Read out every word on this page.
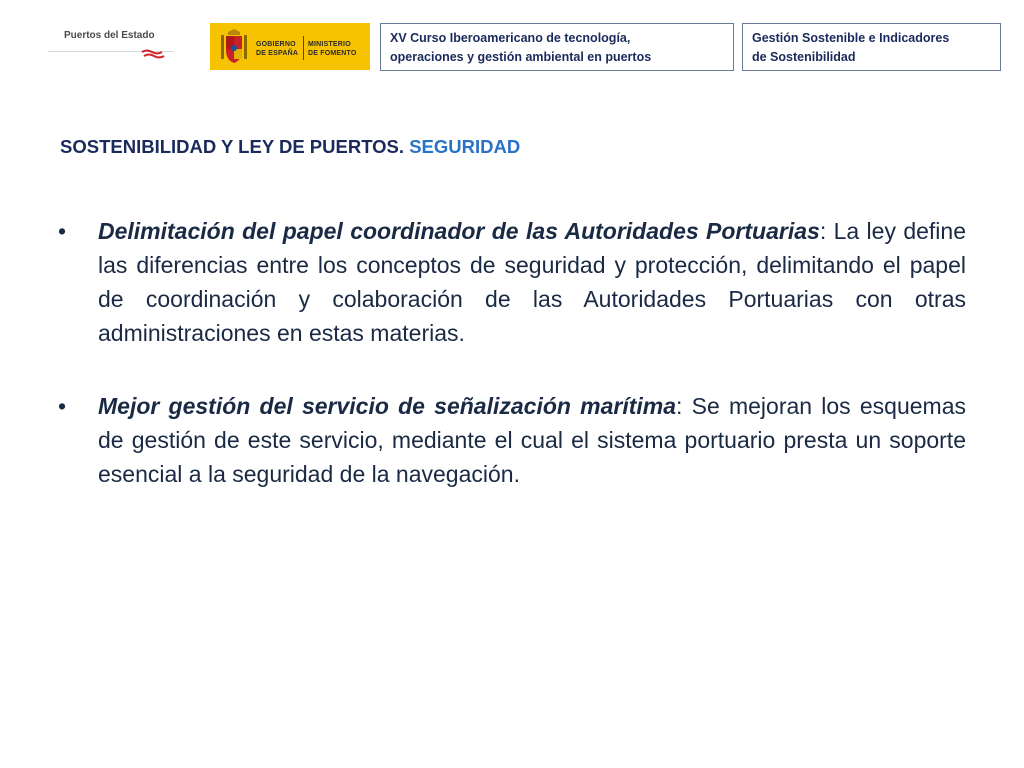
Puertos del Estado
GOBIERNO
DE ESPAÑA
MINISTERIO
DE FOMENTO
XV Curso Iberoamericano de tecnología,
operaciones y gestión ambiental en puertos
Gestión Sostenible e Indicadores
de Sostenibilidad
SOSTENIBILIDAD Y LEY DE PUERTOS. SEGURIDAD
• Delimitación del papel coordinador de las Autoridades Portuarias: La ley define las diferencias entre los conceptos de seguridad y protección, delimitando el papel de coordinación y colaboración de las Autoridades Portuarias con otras administraciones en estas materias.
• Mejor gestión del servicio de señalización marítima: Se mejoran los esquemas de gestión de este servicio, mediante el cual el sistema portuario presta un soporte esencial a la seguridad de la navegación.
